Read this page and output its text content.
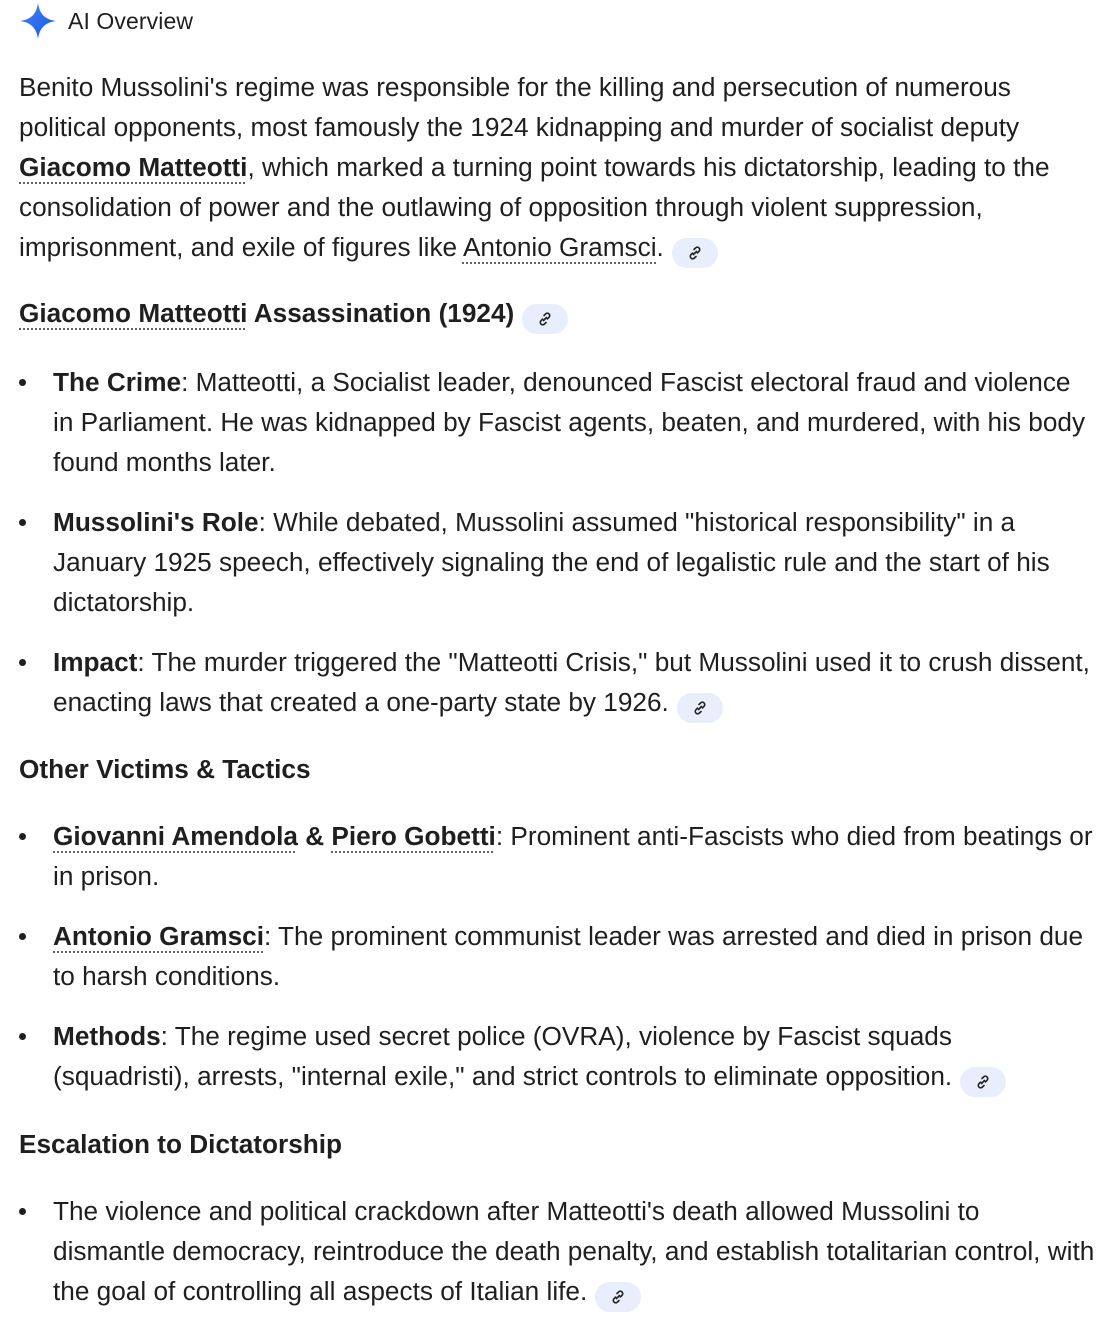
AI Overview

Benito Mussolini's regime was responsible for the killing and persecution of numerous political opponents, most famously the 1924 kidnapping and murder of socialist deputy Giacomo Matteotti, which marked a turning point towards his dictatorship, leading to the consolidation of power and the outlawing of opposition through violent suppression, imprisonment, and exile of figures like Antonio Gramsci.

Giacomo Matteotti Assassination (1924)
The Crime: Matteotti, a Socialist leader, denounced Fascist electoral fraud and violence in Parliament. He was kidnapped by Fascist agents, beaten, and murdered, with his body found months later.
Mussolini's Role: While debated, Mussolini assumed "historical responsibility" in a January 1925 speech, effectively signaling the end of legalistic rule and the start of his dictatorship.
Impact: The murder triggered the "Matteotti Crisis," but Mussolini used it to crush dissent, enacting laws that created a one-party state by 1926.
Other Victims & Tactics
Giovanni Amendola & Piero Gobetti: Prominent anti-Fascists who died from beatings or in prison.
Antonio Gramsci: The prominent communist leader was arrested and died in prison due to harsh conditions.
Methods: The regime used secret police (OVRA), violence by Fascist squads (squadristi), arrests, "internal exile," and strict controls to eliminate opposition.
Escalation to Dictatorship
The violence and political crackdown after Matteotti's death allowed Mussolini to dismantle democracy, reintroduce the death penalty, and establish totalitarian control, with the goal of controlling all aspects of Italian life.
